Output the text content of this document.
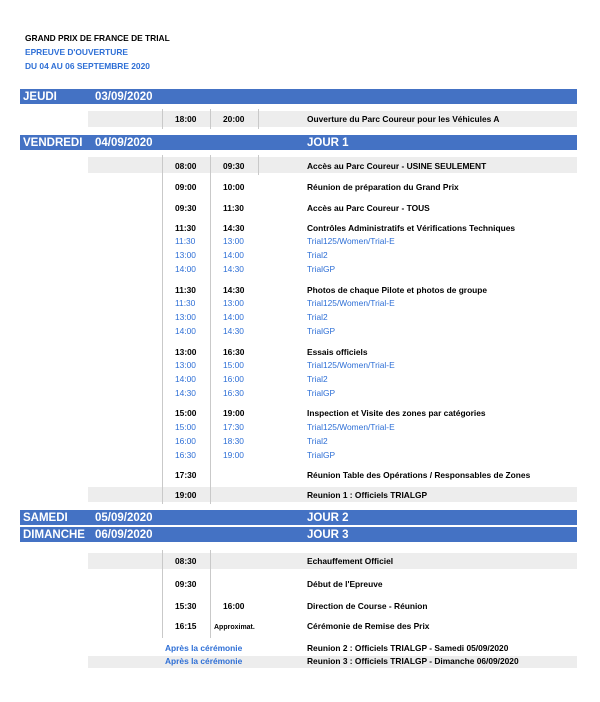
GRAND PRIX DE FRANCE DE TRIAL
EPREUVE D'OUVERTURE
DU 04 AU 06 SEPTEMBRE 2020
JEUDI	03/09/2020
18:00	20:00	Ouverture du Parc Coureur pour les Véhicules A
VENDREDI 04/09/2020	JOUR 1
08:00	09:30	Accès au Parc Coureur - USINE SEULEMENT
09:00	10:00	Réunion de préparation du Grand Prix
09:30	11:30	Accès au Parc Coureur - TOUS
11:30	14:30	Contrôles Administratifs et Vérifications Techniques
11:30	13:00	Trial125/Women/Trial-E
13:00	14:00	Trial2
14:00	14:30	TrialGP
11:30	14:30	Photos de chaque Pilote et photos de groupe
11:30	13:00	Trial125/Women/Trial-E
13:00	14:00	Trial2
14:00	14:30	TrialGP
13:00	16:30	Essais officiels
13:00	15:00	Trial125/Women/Trial-E
14:00	16:00	Trial2
14:30	16:30	TrialGP
15:00	19:00	Inspection et Visite des zones par catégories
15:00	17:30	Trial125/Women/Trial-E
16:00	18:30	Trial2
16:30	19:00	TrialGP
17:30	Réunion Table des Opérations / Responsables de Zones
19:00	Reunion 1 : Officiels TRIALGP
SAMEDI 05/09/2020	JOUR 2
DIMANCHE 06/09/2020	JOUR 3
08:30	Echauffement Officiel
09:30	Début de l'Epreuve
15:30	16:00	Direction de Course - Réunion
16:15	Approximat.	Cérémonie de Remise des Prix
Après la cérémonie	Reunion 2 : Officiels TRIALGP - Samedi 05/09/2020
Après la cérémonie	Reunion 3 : Officiels TRIALGP - Dimanche 06/09/2020
